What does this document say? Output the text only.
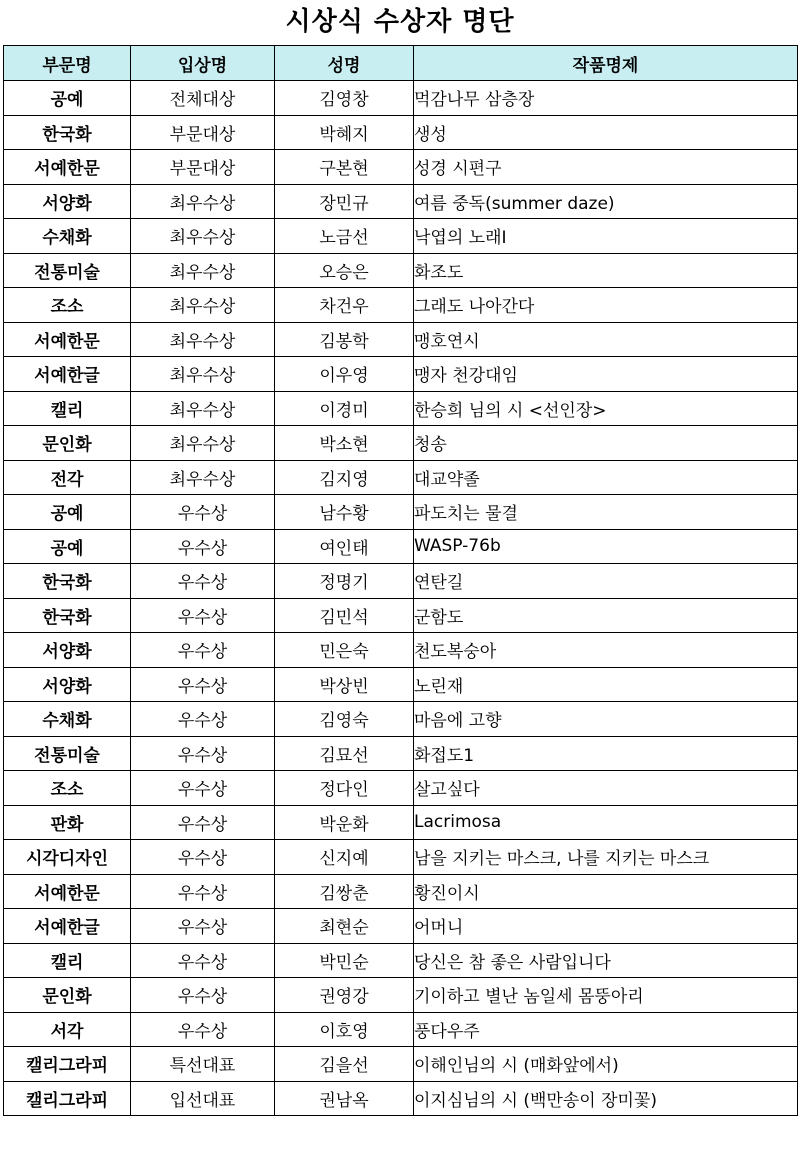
시상식 수상자 명단
부문명	입상명	성명	작품명제
공예	전체대상	김영창	먹감나무 삼층장
한국화	부문대상	박혜지	생성
서예한문	부문대상	구본현	성경 시편구
서양화	최우수상	장민규	여름 중독(summer daze)
수채화	최우수상	노금선	낙엽의 노래Ⅰ
전통미술	최우수상	오승은	화조도
조소	최우수상	차건우	그래도 나아간다
서예한문	최우수상	김봉학	맹호연시
서예한글	최우수상	이우영	맹자 천강대임
캘리	최우수상	이경미	한승희 님의 시 <선인장>
문인화	최우수상	박소현	청송
전각	최우수상	김지영	대교약졸
공예	우수상	남수황	파도치는 물결
공예	우수상	여인태	WASP-76b
한국화	우수상	정명기	연탄길
한국화	우수상	김민석	군함도
서양화	우수상	민은숙	천도복숭아
서양화	우수상	박상빈	노린재
수채화	우수상	김영숙	마음에 고향
전통미술	우수상	김묘선	화접도1
조소	우수상	정다인	살고싶다
판화	우수상	박운화	Lacrimosa
시각디자인	우수상	신지예	남을 지키는 마스크, 나를 지키는 마스크
서예한문	우수상	김쌍춘	황진이시
서예한글	우수상	최현순	어머니
캘리	우수상	박민순	당신은 참 좋은 사람입니다
문인화	우수상	권영강	기이하고 별난 놈일세 몸뚱아리
서각	우수상	이호영	풍다우주
캘리그라피	특선대표	김을선	이해인님의 시 (매화앞에서)
캘리그라피	입선대표	권남옥	이지심님의 시 (백만송이 장미꽃)
